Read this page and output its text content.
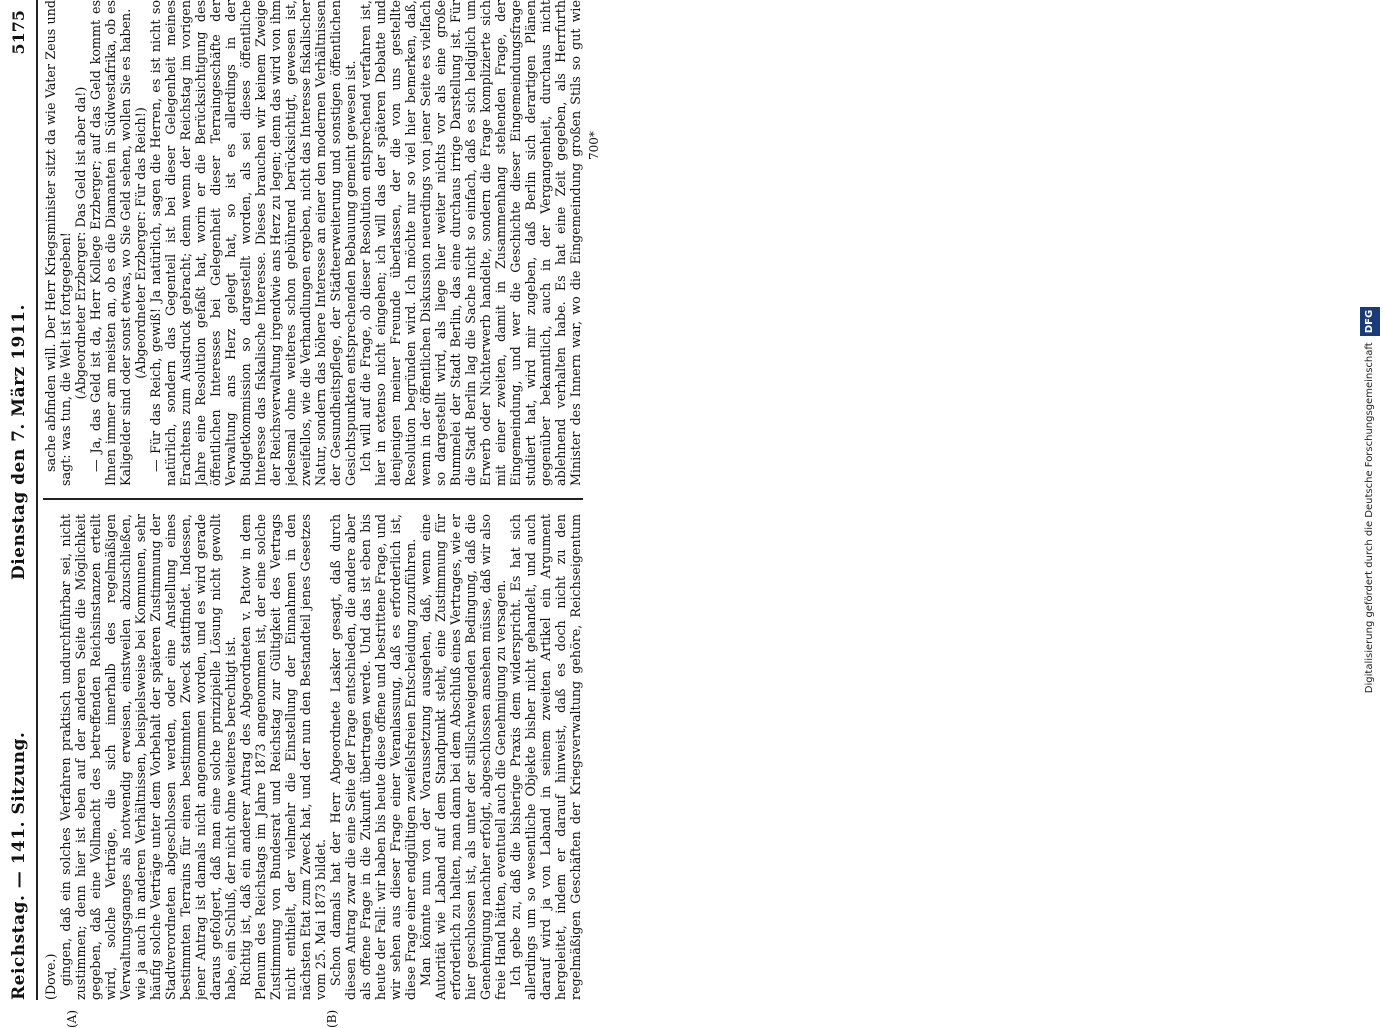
Reichstag. — 141. Sitzung.
Dienstag den 7. März 1911.
5175

(Dove.) gingen, daß ein solches Verfahren praktisch undurchführbar sei, nicht zustimmen; denn hier ist eben auf der anderen Seite die Möglichkeit gegeben, daß eine Vollmacht des betreffenden Reichsinstanzen erteilt wird, solche Verträge, die sich innerhalb des regelmäßigen Verwaltungsganges als notwendig erweisen, einstweilen abzuschließen, wie ja auch in anderen Verhältnissen, beispielsweise bei Kommunen, sehr häufig solche Verträge unter dem Vorbehalt der späteren Zustimmung der Stadtverordneten abgeschlossen werden, oder eine Anstellung eines bestimmten Terrains für einen bestimmten Zweck stattfindet. Indessen, jener Antrag ist damals nicht angenommen worden, und es wird gerade daraus gefolgert, daß man eine solche prinzipielle Lösung nicht gewollt habe, ein Schluß, der nicht ohne weiteres berechtigt ist. Richtig ist, daß ein anderer Antrag des Abgeordneten v. Patow in dem Plenum des Reichstags im Jahre 1873 angenommen ist, der eine solche Zustimmung von Bundesrat und Reichstag zur Gültigkeit des Vertrags nicht enthielt, der vielmehr die Einstellung der Einnahmen in den nächsten Etat zum Zweck hat, und der nun den Bestandteil jenes Gesetzes vom 25. Mai 1873 bildet. Schon damals hat der Herr Abgeordnete Lasker gesagt, daß durch diesen Antrag zwar die eine Seite der Frage entschieden, die andere aber als offene Frage in die Zukunft übertragen werde. Und das ist eben bis heute der Fall: wir haben bis heute diese offene und bestrittene Frage, und wir sehen aus dieser Frage einer Veranlassung, daß es erforderlich ist, diese Frage einer endgültigen zweifelsfreien Entscheidung zuzuführen. Man könnte nun von der Voraussetzung ausgehen, daß, wenn eine Autorität wie Laband auf dem Standpunkt steht, eine Zustimmung für erforderlich zu halten, man dann bei dem Abschluß eines Vertrages, wie er hier geschlossen ist, als unter der stillschweigenden Bedingung, daß die Genehmigung nachher erfolgt, abgeschlossen ansehen müsse, daß wir also freie Hand hätten, eventuell auch die Genehmigung zu versagen. Ich gebe zu, daß die bisherige Praxis dem widerspricht. Es hat sich allerdings um so wesentliche Objekte bisher nicht gehandelt, und auch darauf wird ja von Laband in seinem zweiten Artikel ein Argument hergeleitet, indem er darauf hinweist, daß es doch nicht zu den regelmäßigen Geschäften der Kriegsverwaltung gehöre, Reichseigentum

sache abfinden will. Der Herr Kriegsminister sitzt da wie Vater Zeus und sagt: was tun, die Welt ist fortgegeben! (Abgeordneter Erzberger: Das Geld ist aber da!) — Ja, das Geld ist da, Herr Kollege Erzberger; auf das Geld kommt es Ihnen immer am meisten an, ob es die Diamanten in Südwestafrika, ob es Kaligelder sind oder sonst etwas, wo Sie Geld sehen, wollen Sie es haben. (Abgeordneter Erzberger: Für das Reich!) — Für das Reich, gewiß! Ja natürlich, sagen die Herren, es ist nicht so natürlich, sondern das Gegenteil ist bei dieser Gelegenheit meines Erachtens zum Ausdruck gebracht; denn wenn der Reichstag im vorigen Jahre eine Resolution gefaßt hat, worin er die Berücksichtigung des öffentlichen Interesses bei Gelegenheit dieser Terraingeschäfte der Verwaltung ans Herz gelegt hat, so ist es allerdings in der Budgetkommission so dargestellt worden, als sei dieses öffentliche Interesse das fiskalische Interesse. Dieses brauchen wir keinem Zweige der Reichsverwaltung irgendwie ans Herz zu legen; denn das wird von ihm jedesmal ohne weiteres schon gebührend berücksichtigt, gewesen ist, zweifellos, wie die Verhandlungen ergeben, nicht das Interesse fiskalischer Natur, sondern das höhere Interesse an einer den modernen Verhältnissen der Gesundheitspflege, der Städteerweiterung und sonstigen öffentlichen Gesichtspunkten entsprechenden Bebauung gemeint gewesen ist. Ich will auf die Frage, ob dieser Resolution entsprechend verfahren ist, hier in extenso nicht eingehen; ich will das der späteren Debatte und denjenigen meiner Freunde überlassen, der die von uns gestellte Resolution begründen wird. Ich möchte nur so viel hier bemerken, daß, wenn in der öffentlichen Diskussion neuerdings von jener Seite es vielfach so dargestellt wird, als liege hier weiter nichts vor als eine große Bummelei der Stadt Berlin, das eine durchaus irrige Darstellung ist. Für die Stadt Berlin lag die Sache nicht so einfach, daß es sich lediglich um Erwerb oder Nichterwerb handelte, sondern die Frage komplizierte sich mit einer zweiten, damit in Zusammenhang stehenden Frage, der Eingemeindung, und wer die Geschichte dieser Eingemeindungsfrage studiert hat, wird mir zugeben, daß Berlin sich derartigen Plänen gegenüber bekanntlich, auch in der Vergangenheit, durchaus nicht ablehnend verhalten habe. Es hat eine Zeit gegeben, als Herrfurth Minister des Innern war, wo die Eingemeindung großen Stils so gut wie

(A)	(B)
700*
Digitalisierung gefördert durch die Deutsche Forschungsgemeinschaft DFG
